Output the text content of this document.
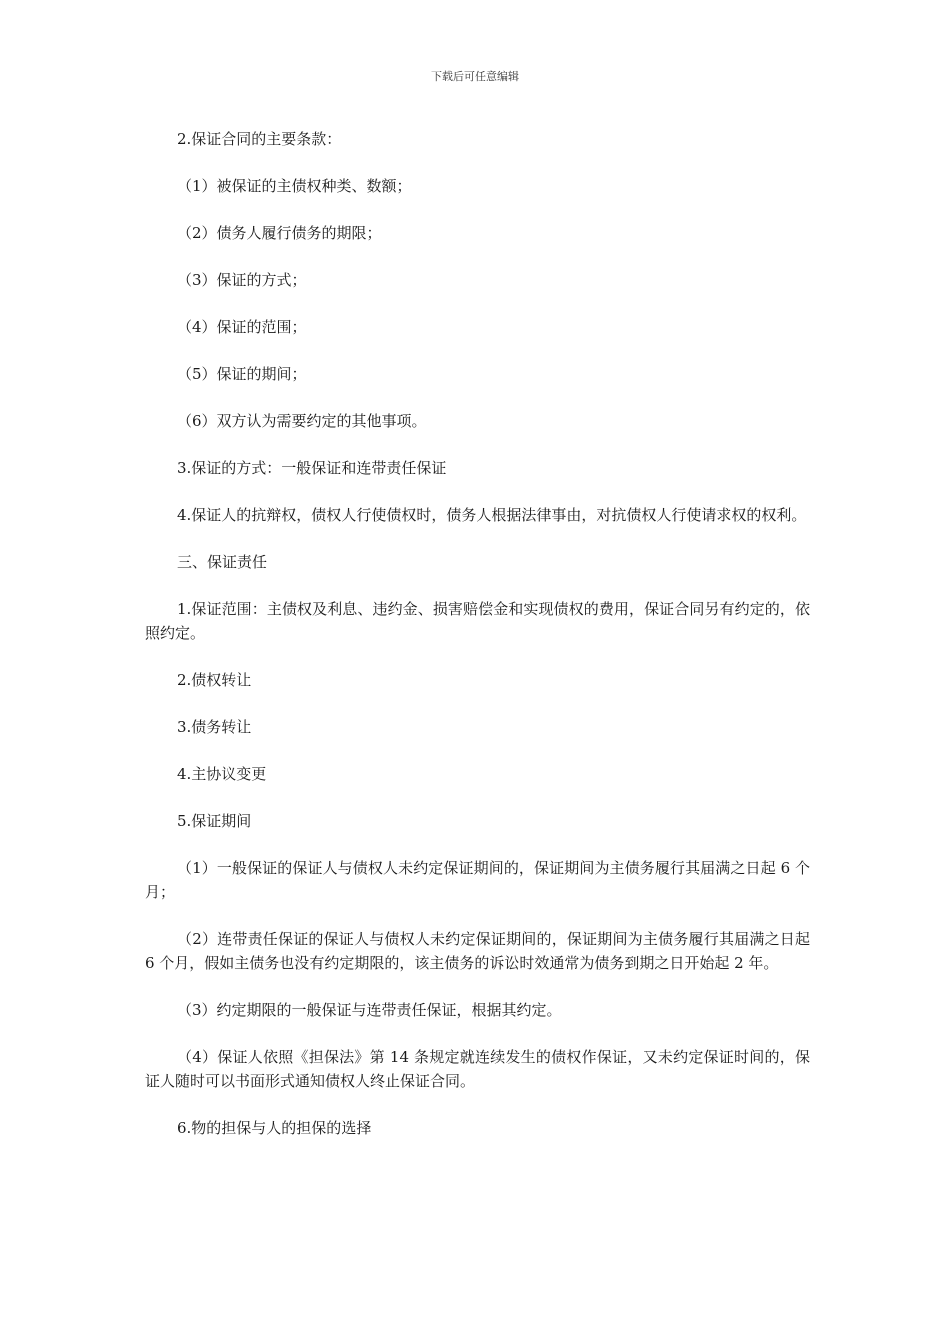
下载后可任意编辑

2.保证合同的主要条款：

（1）被保证的主债权种类、数额；

（2）债务人履行债务的期限；

（3）保证的方式；

（4）保证的范围；

（5）保证的期间；

（6）双方认为需要约定的其他事项。

3.保证的方式：一般保证和连带责任保证

4.保证人的抗辩权，债权人行使债权时，债务人根据法律事由，对抗债权人行使请求权的权利。

三、保证责任

1.保证范围：主债权及利息、违约金、损害赔偿金和实现债权的费用，保证合同另有约定的，依照约定。

2.债权转让

3.债务转让

4.主协议变更

5.保证期间

（1）一般保证的保证人与债权人未约定保证期间的，保证期间为主债务履行其届满之日起 6 个月；

（2）连带责任保证的保证人与债权人未约定保证期间的，保证期间为主债务履行其届满之日起 6 个月，假如主债务也没有约定期限的，该主债务的诉讼时效通常为债务到期之日开始起 2 年。

（3）约定期限的一般保证与连带责任保证，根据其约定。

（4）保证人依照《担保法》第 14 条规定就连续发生的债权作保证，又未约定保证时间的，保证人随时可以书面形式通知债权人终止保证合同。

6.物的担保与人的担保的选择
